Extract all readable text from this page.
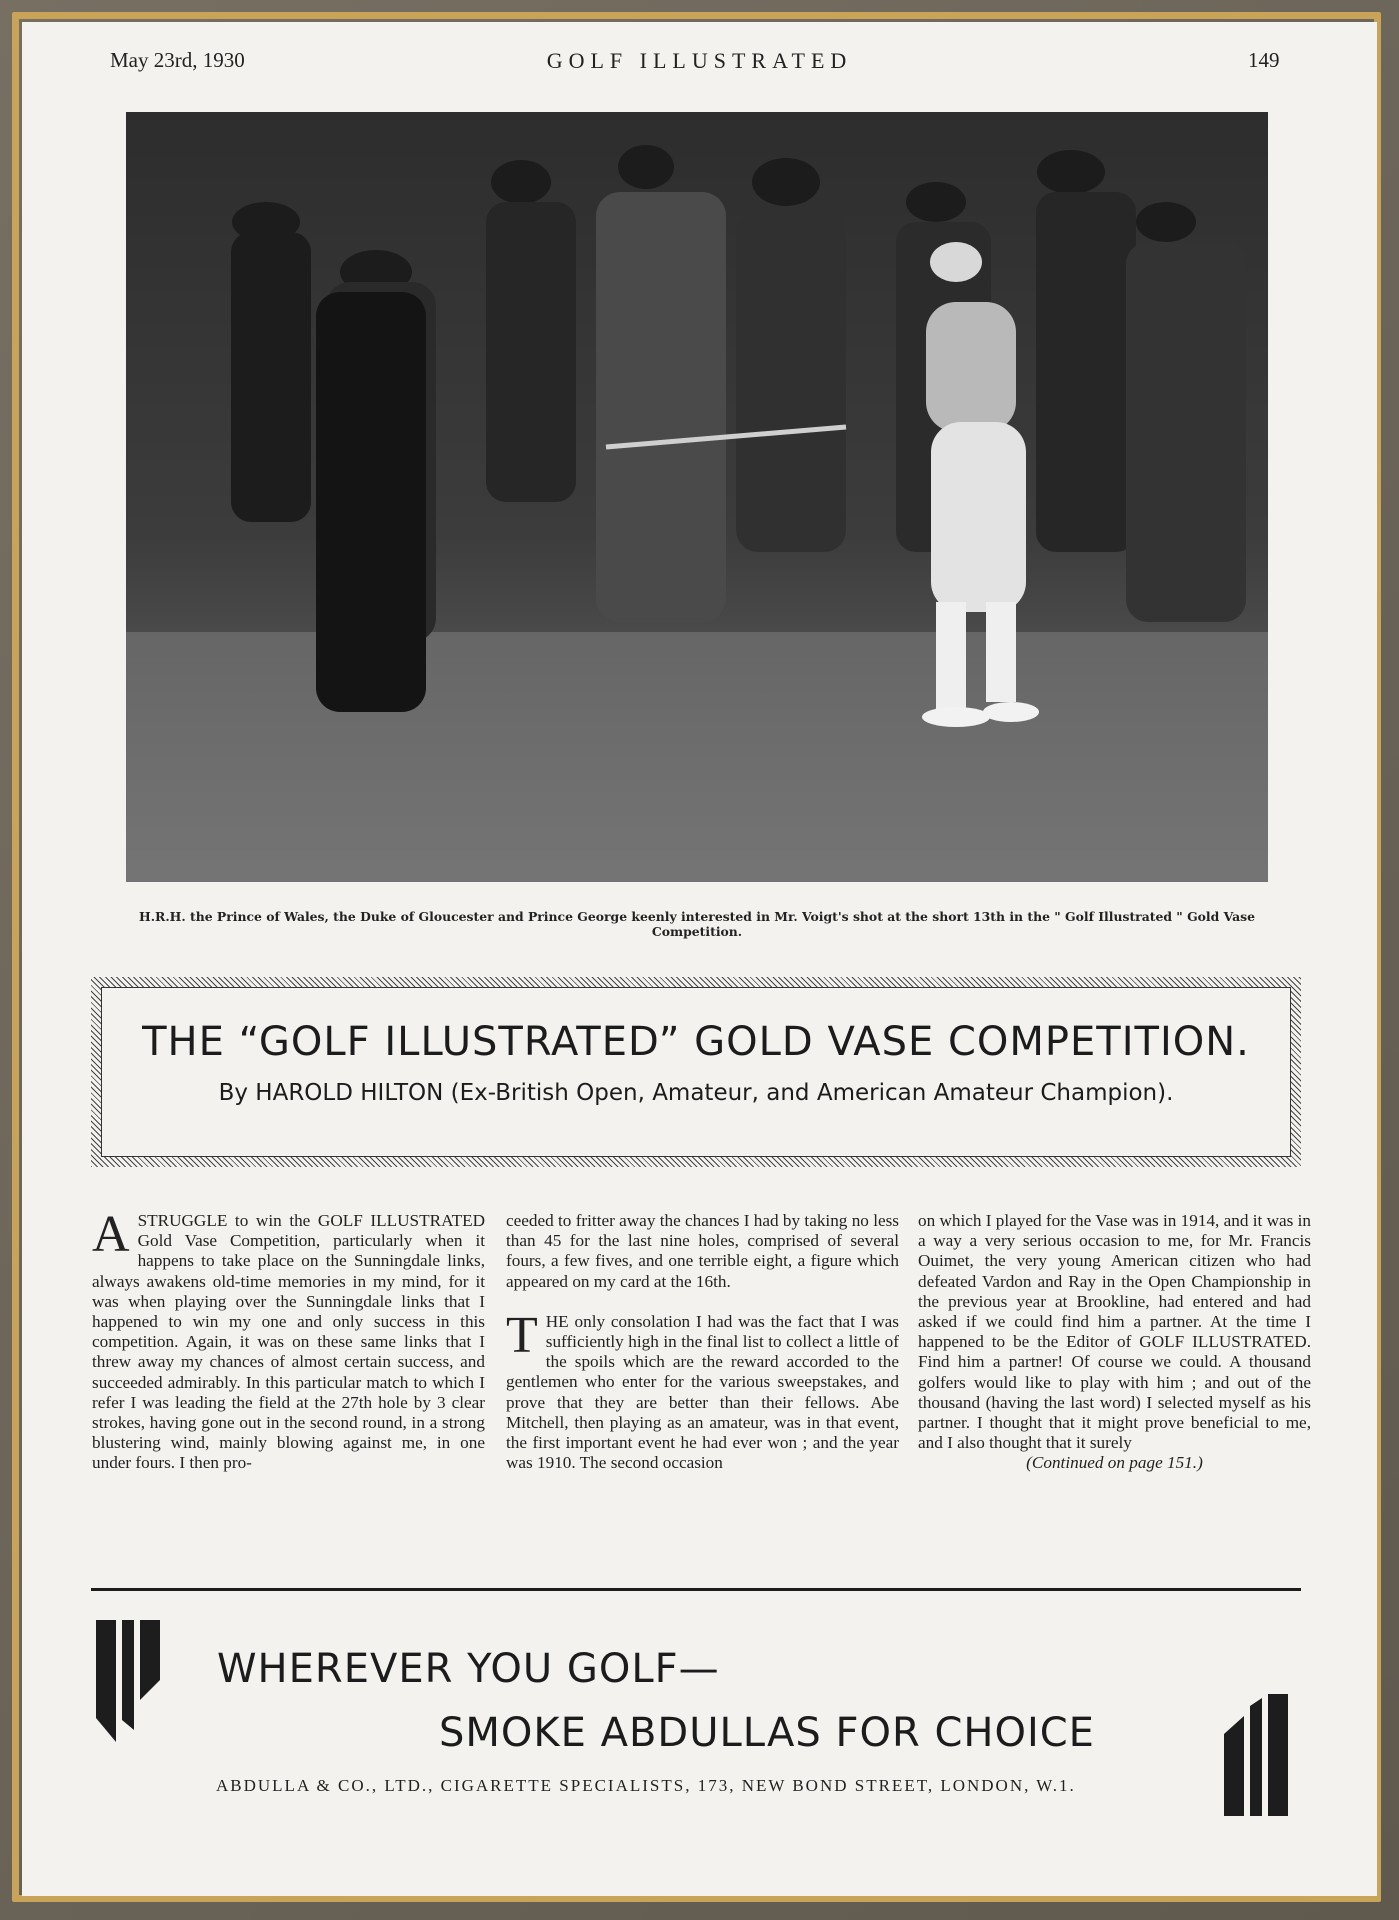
GOLF ILLUSTRATED
May 23rd, 1930	149
H.R.H. the Prince of Wales, the Duke of Gloucester and Prince George keenly interested in Mr. Voigt's shot at the short 13th in the " Golf Illustrated " Gold Vase Competition.
THE “GOLF ILLUSTRATED” GOLD VASE COMPETITION.
By HAROLD HILTON (Ex-British Open, Amateur, and American Amateur Champion).
A STRUGGLE to win the GOLF ILLUSTRATED Gold Vase Competition, particularly when it happens to take place on the Sunningdale links, always awakens old-time memories in my mind, for it was when playing over the Sunningdale links that I happened to win my one and only success in this competition. Again, it was on these same links that I threw away my chances of almost certain success, and succeeded admirably. In this particular match to which I refer I was leading the field at the 27th hole by 3 clear strokes, having gone out in the second round, in a strong blustering wind, mainly blowing against me, in one under fours. I then pro-

ceeded to fritter away the chances I had by taking no less than 45 for the last nine holes, comprised of several fours, a few fives, and one terrible eight, a figure which appeared on my card at the 16th.

T HE only consolation I had was the fact that I was sufficiently high in the final list to collect a little of the spoils which are the reward accorded to the gentlemen who enter for the various sweepstakes, and prove that they are better than their fellows. Abe Mitchell, then playing as an amateur, was in that event, the first important event he had ever won ; and the year was 1910. The second occasion

on which I played for the Vase was in 1914, and it was in a way a very serious occasion to me, for Mr. Francis Ouimet, the very young American citizen who had defeated Vardon and Ray in the Open Championship in the previous year at Brookline, had entered and had asked if we could find him a partner. At the time I happened to be the Editor of GOLF ILLUSTRATED. Find him a partner! Of course we could. A thousand golfers would like to play with him ; and out of the thousand (having the last word) I selected myself as his partner. I thought that it might prove beneficial to me, and I also thought that it surely

(Continued on page 151.)

WHEREVER YOU GOLF—
SMOKE ABDULLAS FOR CHOICE
ABDULLA & CO., LTD., CIGARETTE SPECIALISTS, 173, NEW BOND STREET, LONDON, W.1.
